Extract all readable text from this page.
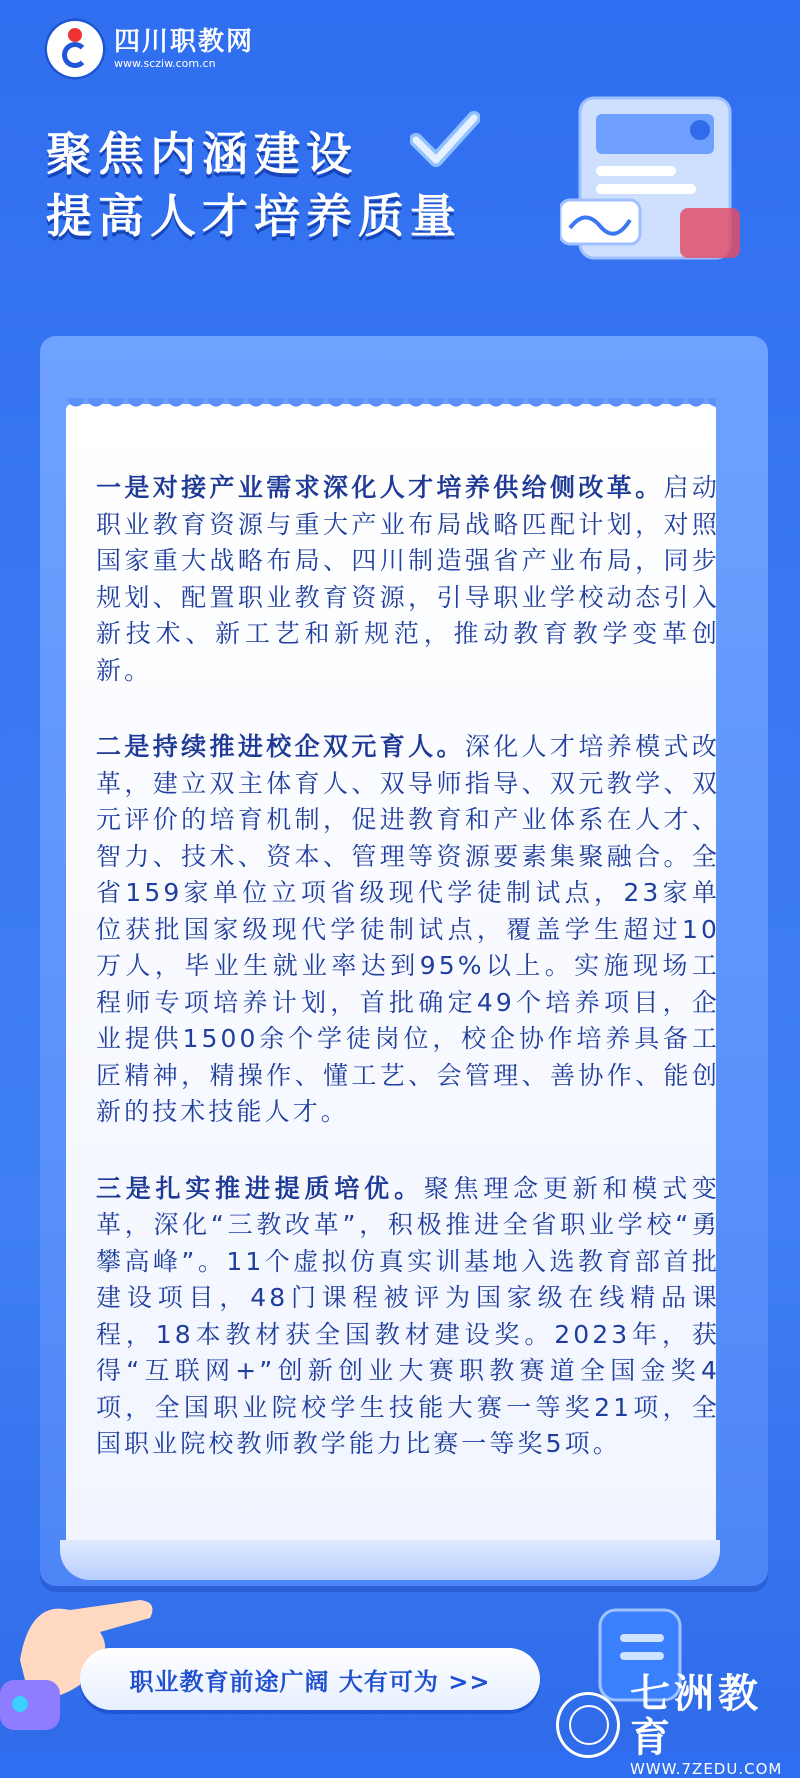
四川职教网
www.scziw.com.cn
聚焦内涵建设
提高人才培养质量

一是对接产业需求深化人才培养供给侧改革。启动职业教育资源与重大产业布局战略匹配计划，对照国家重大战略布局、四川制造强省产业布局，同步规划、配置职业教育资源，引导职业学校动态引入新技术、新工艺和新规范，推动教育教学变革创新。

二是持续推进校企双元育人。深化人才培养模式改革，建立双主体育人、双导师指导、双元教学、双元评价的培育机制，促进教育和产业体系在人才、智力、技术、资本、管理等资源要素集聚融合。全省159家单位立项省级现代学徒制试点，23家单位获批国家级现代学徒制试点，覆盖学生超过10万人，毕业生就业率达到95%以上。实施现场工程师专项培养计划，首批确定49个培养项目，企业提供1500余个学徒岗位，校企协作培养具备工匠精神，精操作、懂工艺、会管理、善协作、能创新的技术技能人才。

三是扎实推进提质培优。聚焦理念更新和模式变革，深化“三教改革”，积极推进全省职业学校“勇攀高峰”。11个虚拟仿真实训基地入选教育部首批建设项目，48门课程被评为国家级在线精品课程，18本教材获全国教材建设奖。2023年，获得“互联网+”创新创业大赛职教赛道全国金奖4项，全国职业院校学生技能大赛一等奖21项，全国职业院校教师教学能力比赛一等奖5项。

职业教育前途广阔 大有可为 >>	七洲教育
WWW.7ZEDU.COM
